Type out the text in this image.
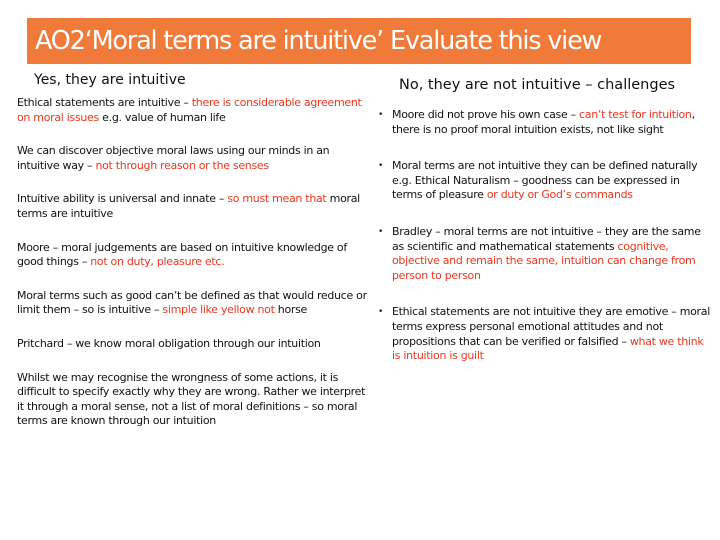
AO2‘Moral terms are intuitive’ Evaluate this view
Yes, they are intuitive	No, they are not intuitive – challenges

Ethical statements are intuitive – there is considerable agreement on moral issues e.g. value of human life

We can discover objective moral laws using our minds in an intuitive way – not through reason or the senses

Intuitive ability is universal and innate – so must mean that moral terms are intuitive

Moore – moral judgements are based on intuitive knowledge of good things – not on duty, pleasure etc.

Moral terms such as good can’t be defined as that would reduce or limit them – so is intuitive – simple like yellow not horse

Pritchard – we know moral obligation through our intuition

Whilst we may recognise the wrongness of some actions, it is difficult to specify exactly why they are wrong. Rather we interpret it through a moral sense, not a list of moral definitions – so moral terms are known through our intuition

• Moore did not prove his own case – can’t test for intuition, there is no proof moral intuition exists, not like sight
• Moral terms are not intuitive they can be defined naturally e.g. Ethical Naturalism – goodness can be expressed in terms of pleasure or duty or God’s commands
• Bradley – moral terms are not intuitive – they are the same as scientific and mathematical statements cognitive, objective and remain the same, intuition can change from person to person
• Ethical statements are not intuitive they are emotive – moral terms express personal emotional attitudes and not propositions that can be verified or falsified – what we think is intuition is guilt
